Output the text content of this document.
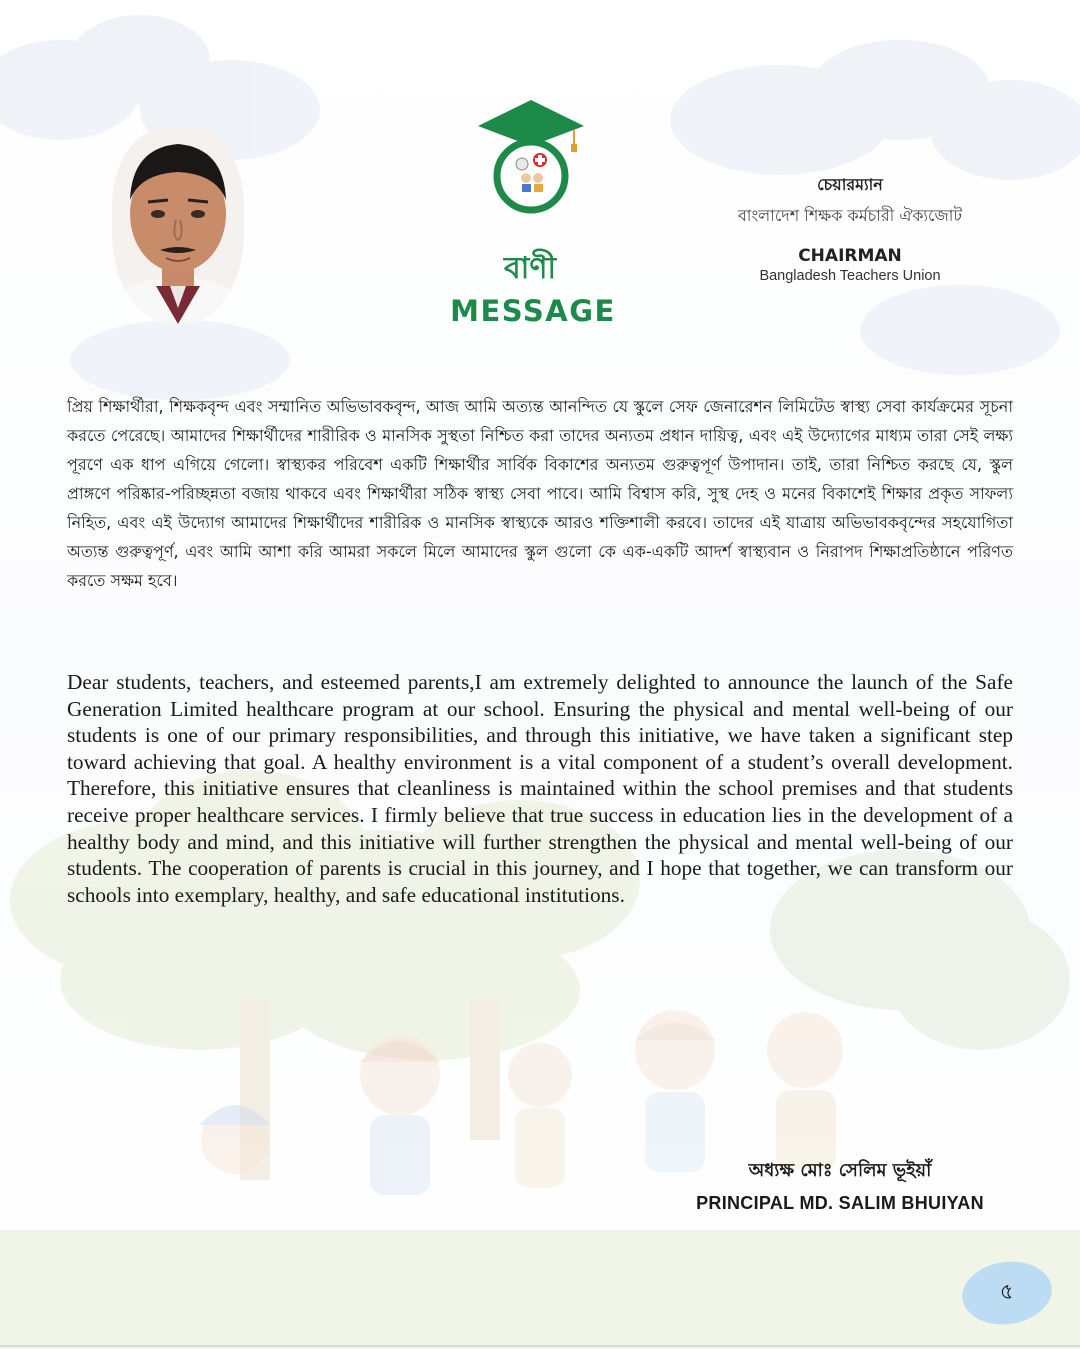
বাণী
MESSAGE
চেয়ারম্যান
বাংলাদেশ শিক্ষক কর্মচারী ঐক্যজোট
CHAIRMAN
Bangladesh Teachers Union

প্রিয় শিক্ষার্থীরা, শিক্ষকবৃন্দ এবং সম্মানিত অভিভাবকবৃন্দ, আজ আমি অত্যন্ত আনন্দিত যে স্কুলে সেফ জেনারেশন লিমিটেড স্বাস্থ্য সেবা কার্যক্রমের সূচনা করতে পেরেছে। আমাদের শিক্ষার্থীদের শারীরিক ও মানসিক সুস্থতা নিশ্চিত করা তাদের অন্যতম প্রধান দায়িত্ব, এবং এই উদ্যোগের মাধ্যম তারা সেই লক্ষ্য পূরণে এক ধাপ এগিয়ে গেলো। স্বাস্থ্যকর পরিবেশ একটি শিক্ষার্থীর সার্বিক বিকাশের অন্যতম গুরুত্বপূর্ণ উপাদান। তাই, তারা নিশ্চিত করছে যে, স্কুল প্রাঙ্গণে পরিষ্কার-পরিচ্ছন্নতা বজায় থাকবে এবং শিক্ষার্থীরা সঠিক স্বাস্থ্য সেবা পাবে। আমি বিশ্বাস করি, সুস্থ দেহ ও মনের বিকাশেই শিক্ষার প্রকৃত সাফল্য নিহিত, এবং এই উদ্যোগ আমাদের শিক্ষার্থীদের শারীরিক ও মানসিক স্বাস্থ্যকে আরও শক্তিশালী করবে। তাদের এই যাত্রায় অভিভাবকবৃন্দের সহযোগিতা অত্যন্ত গুরুত্বপূর্ণ, এবং আমি আশা করি আমরা সকলে মিলে আমাদের স্কুল গুলো কে এক-একটি আদর্শ স্বাস্থ্যবান ও নিরাপদ শিক্ষাপ্রতিষ্ঠানে পরিণত করতে সক্ষম হবে।

Dear students, teachers, and esteemed parents,I am extremely delighted to announce the launch of the Safe Generation Limited healthcare program at our school. Ensuring the physical and mental well-being of our students is one of our primary responsibilities, and through this initiative, we have taken a significant step toward achieving that goal. A healthy environment is a vital component of a student’s overall development. Therefore, this initiative ensures that cleanliness is maintained within the school premises and that students receive proper healthcare services. I firmly believe that true success in education lies in the development of a healthy body and mind, and this initiative will further strengthen the physical and mental well-being of our students. The cooperation of parents is crucial in this journey, and I hope that together, we can transform our schools into exemplary, healthy, and safe educational institutions.

অধ্যক্ষ মোঃ সেলিম ভূইয়াঁ
PRINCIPAL MD. SALIM BHUIYAN
৫
